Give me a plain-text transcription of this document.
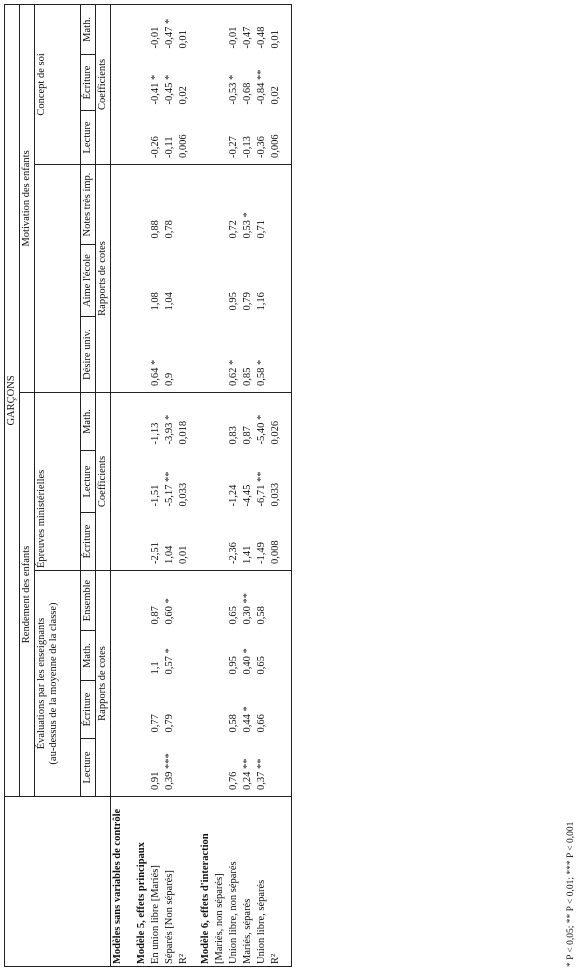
	GARÇONS												
	Rendement des enfants							Motivation des enfants					

	Évaluations par les enseignants (au-dessus de la moyenne de la classe)				Épreuves ministérielles						Concept de soi		
	Lecture	Écriture	Math.	Ensemble	Écriture	Lecture	Math.	Désire univ.	Aime l'école	Notes très imp.	Lecture	Écriture	Math.
	Rapports de cotes				Coefficients			Rapports de cotes			Coefficients		
Modèles sans variables de contrôle													

Modèle 5, effets principaux													
En union libre [Mariés]	0,91	0,77	1,1	0,87	-2,51	-1,51	-1,13	0,64 *	1,08	0,88	-0,26	-0,41 *	-0,01
Séparés [Non séparés]	0,39 ***	0,79	0,57 *	0,60 *	1,04	-5,17 **	-3,93 *	0,9	1,04	0,78	-0,11	-0,45 *	-0,47 *
R²					0,01	0,033	0,018				0,006	0,02	0,01

Modèle 6, effets d'interaction													
[Mariés, non séparés]													
Union libre, non séparés	0,76	0,58	0,95	0,65	-2,36	-1,24	0,83	0,62 *	0,95	0,72	-0,27	-0,53 *	-0,01
Mariés, séparés	0,24 **	0,44 *	0,40 *	0,30 **	1,41	-4,45	0,87	0,85	0,79	0,53 *	-0,13	-0,68	-0,47
Union libre, séparés	0,37 **	0,66	0,65	0,58	-1,49	-6,71 **	-5,40 *	0,58 *	1,16	0,71	-0,36	-0,84 **	-0,48
R²					0,008	0,033	0,026				0,006	0,02	0,01

* P < 0,05; ** P < 0,01; *** P < 0,001
